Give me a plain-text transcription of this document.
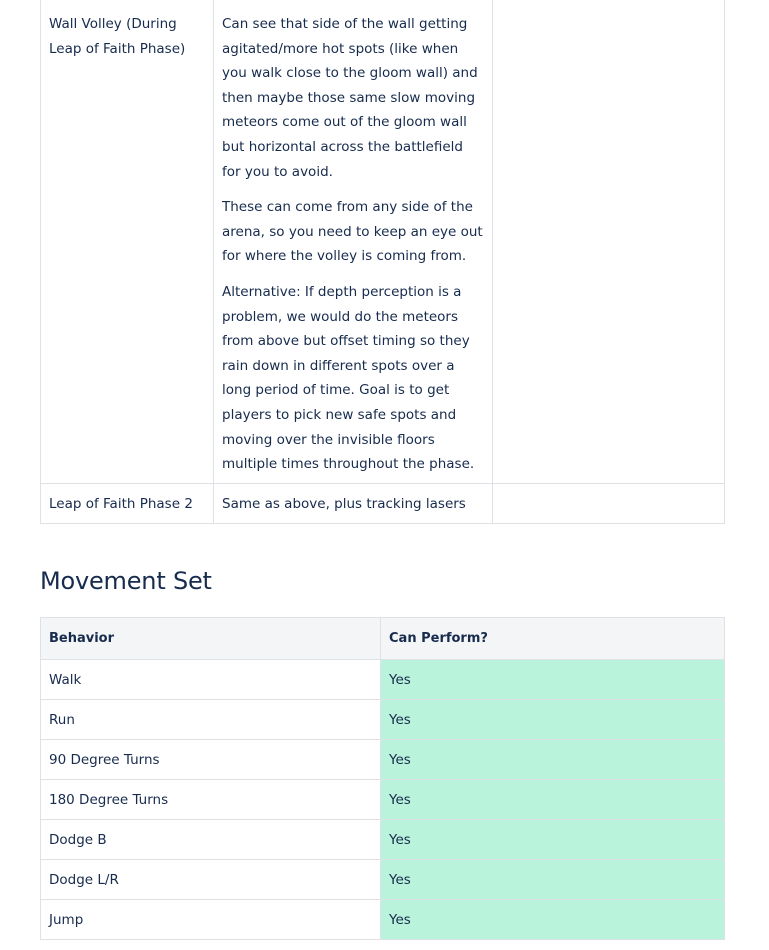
Wall Volley (During Leap of Faith Phase)	Can see that side of the wall getting agitated/more hot spots (like when you walk close to the gloom wall) and then maybe those same slow moving meteors come out of the gloom wall but horizontal across the battlefield for you to avoid.

These can come from any side of the arena, so you need to keep an eye out for where the volley is coming from.

Alternative: If depth perception is a problem, we would do the meteors from above but offset timing so they rain down in different spots over a long period of time. Goal is to get players to pick new safe spots and moving over the invisible floors multiple times throughout the phase.	

Leap of Faith Phase 2	Same as above, plus tracking lasers	

Movement Set
Behavior	Can Perform?
Walk	Yes
Run	Yes
90 Degree Turns	Yes
180 Degree Turns	Yes
Dodge B	Yes
Dodge L/R	Yes
Jump	Yes
